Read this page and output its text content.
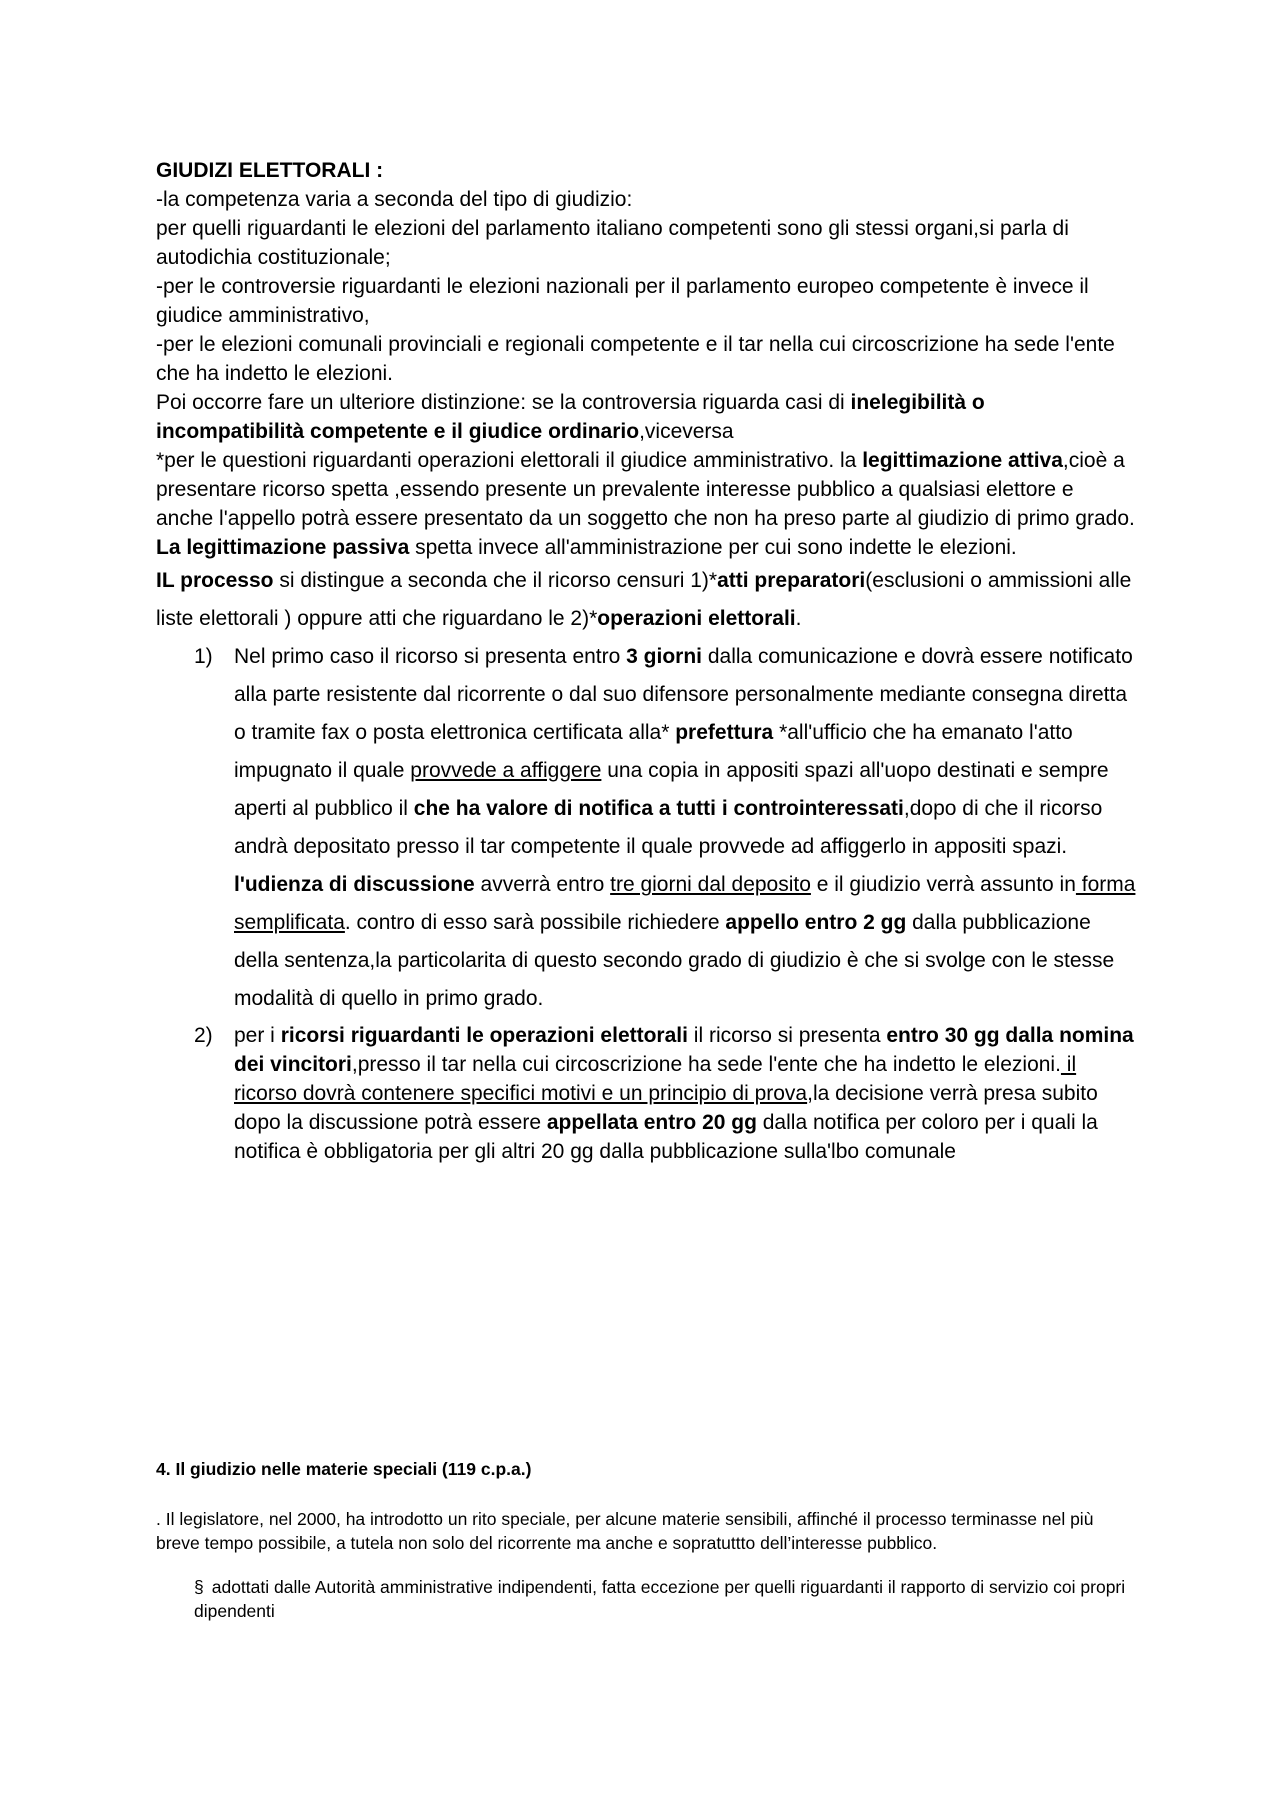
GIUDIZI ELETTORALI :

-la competenza varia a seconda del tipo di giudizio:

per quelli riguardanti le elezioni del parlamento italiano competenti sono gli stessi organi,si parla di autodichia costituzionale;

-per le controversie riguardanti le elezioni nazionali per il parlamento europeo competente è invece il giudice amministrativo,

-per le elezioni comunali provinciali e regionali competente e il tar nella cui circoscrizione ha sede l'ente che ha indetto le elezioni.

Poi occorre fare un ulteriore distinzione: se la controversia riguarda casi di inelegibilità o incompatibilità competente e il giudice ordinario,viceversa

*per le questioni riguardanti operazioni elettorali il giudice amministrativo. la legittimazione attiva,cioè a presentare ricorso spetta ,essendo presente un prevalente interesse pubblico a qualsiasi elettore e anche l'appello potrà essere presentato da un soggetto che non ha preso parte al giudizio di primo grado. La legittimazione passiva spetta invece all'amministrazione per cui sono indette le elezioni.

IL processo si distingue a seconda che il ricorso censuri 1)*atti preparatori(esclusioni o ammissioni alle liste elettorali ) oppure atti che riguardano le 2)*operazioni elettorali.

1) Nel primo caso il ricorso si presenta entro 3 giorni dalla comunicazione e dovrà essere notificato alla parte resistente dal ricorrente o dal suo difensore personalmente mediante consegna diretta o tramite fax o posta elettronica certificata alla* prefettura *all'ufficio che ha emanato l'atto impugnato il quale provvede a affiggere una copia in appositi spazi all'uopo destinati e sempre aperti al pubblico il che ha valore di notifica a tutti i controinteressati,dopo di che il ricorso andrà depositato presso il tar competente il quale provvede ad affiggerlo in appositi spazi.
l'udienza di discussione avverrà entro tre giorni dal deposito e il giudizio verrà assunto in forma semplificata. contro di esso sarà possibile richiedere appello entro 2 gg dalla pubblicazione della sentenza,la particolarita di questo secondo grado di giudizio è che si svolge con le stesse modalità di quello in primo grado.
2) per i ricorsi riguardanti le operazioni elettorali il ricorso si presenta entro 30 gg dalla nomina dei vincitori,presso il tar nella cui circoscrizione ha sede l'ente che ha indetto le elezioni. il ricorso dovrà contenere specifici motivi e un principio di prova,la decisione verrà presa subito dopo la discussione potrà essere appellata entro 20 gg dalla notifica per coloro per i quali la notifica è obbligatoria per gli altri 20 gg dalla pubblicazione sulla'lbo comunale

4. Il giudizio nelle materie speciali (119 c.p.a.)

. Il legislatore, nel 2000, ha introdotto un rito speciale, per alcune materie sensibili, affinché il processo terminasse nel più breve tempo possibile, a tutela non solo del ricorrente ma anche e sopratuttto dell’interesse pubblico.

§ adottati dalle Autorità amministrative indipendenti, fatta eccezione per quelli riguardanti il rapporto di servizio coi propri dipendenti
